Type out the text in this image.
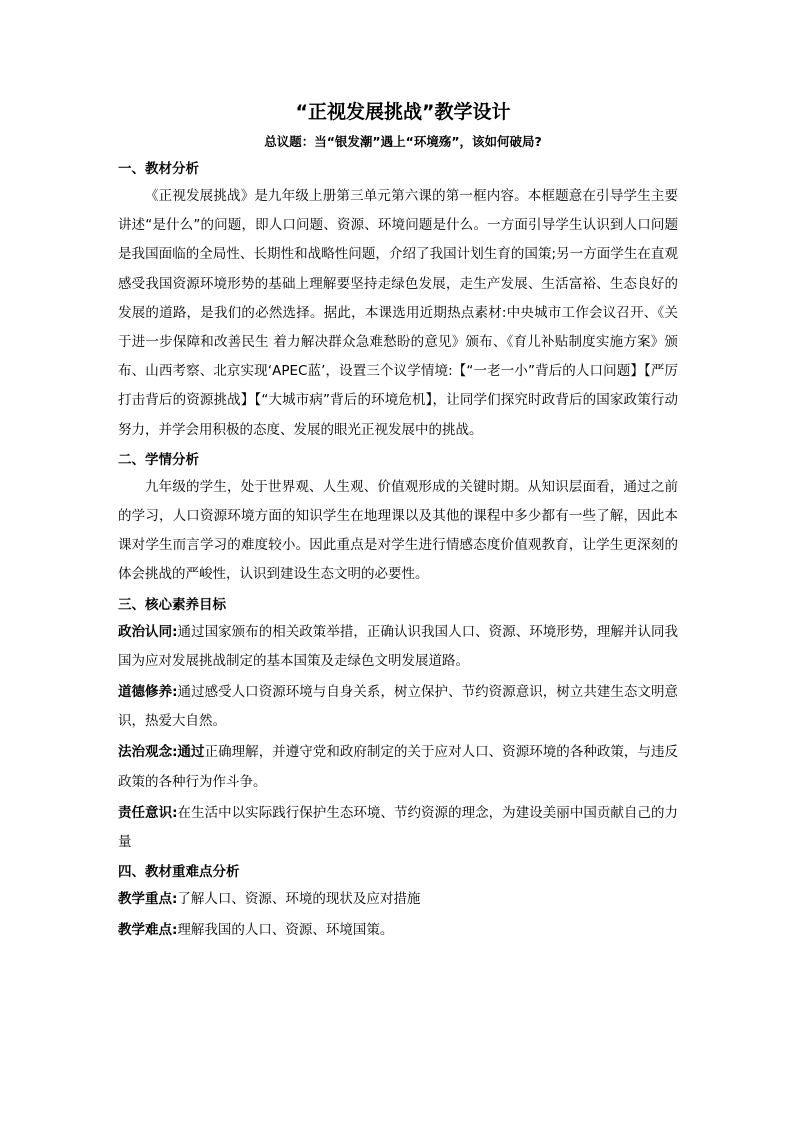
“正视发展挑战”教学设计
总议题：当“银发潮”遇上“环境殇”，该如何破局?
一、教材分析

《正视发展挑战》是九年级上册第三单元第六课的第一框内容。本框题意在引导学生主要讲述“是什么”的问题，即人口问题、资源、环境问题是什么。一方面引导学生认识到人口问题是我国面临的全局性、长期性和战略性问题，介绍了我国计划生育的国策;另一方面学生在直观感受我国资源环境形势的基础上理解要坚持走绿色发展，走生产发展、生活富裕、生态良好的发展的道路，是我们的必然选择。据此，本课选用近期热点素材:中央城市工作会议召开、《关于进一步保障和改善民生 着力解决群众急难愁盼的意见》颁布、《育儿补贴制度实施方案》颁布、山西考察、北京实现‘APEC蓝’，设置三个议学情境:【“一老一小”背后的人口问题】【严厉打击背后的资源挑战】【“大城市病”背后的环境危机】，让同学们探究时政背后的国家政策行动努力，并学会用积极的态度、发展的眼光正视发展中的挑战。

二、学情分析

九年级的学生，处于世界观、人生观、价值观形成的关键时期。从知识层面看，通过之前的学习，人口资源环境方面的知识学生在地理课以及其他的课程中多少都有一些了解，因此本课对学生而言学习的难度较小。因此重点是对学生进行情感态度价值观教育，让学生更深刻的体会挑战的严峻性，认识到建设生态文明的必要性。

三、核心素养目标

政治认同:通过国家颁布的相关政策举措，正确认识我国人口、资源、环境形势，理解并认同我国为应对发展挑战制定的基本国策及走绿色文明发展道路。

道德修养:通过感受人口资源环境与自身关系，树立保护、节约资源意识，树立共建生态文明意识，热爱大自然。

法治观念:通过正确理解，并遵守党和政府制定的关于应对人口、资源环境的各种政策，与违反政策的各种行为作斗争。

责任意识:在生活中以实际践行保护生态环境、节约资源的理念，为建设美丽中国贡献自己的力量

四、教材重难点分析

教学重点:了解人口、资源、环境的现状及应对措施

教学难点:理解我国的人口、资源、环境国策。
